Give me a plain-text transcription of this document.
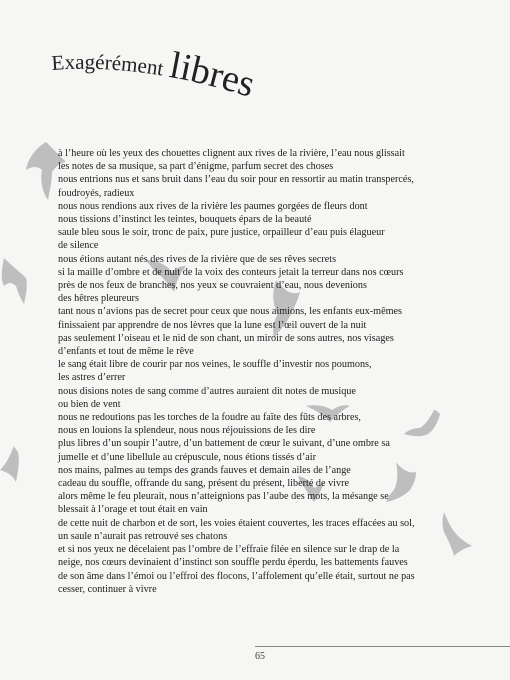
Exagérément libres
à l’heure où les yeux des chouettes clignent aux rives de la rivière, l’eau nous glissait
les notes de sa musique, sa part d’énigme, parfum secret des choses
nous entrions nus et sans bruit dans l’eau du soir pour en ressortir au matin transpercés,
foudroyés, radieux
nous nous rendions aux rives de la rivière les paumes gorgées de fleurs dont
nous tissions d’instinct les teintes, bouquets épars de la beauté
saule bleu sous le soir, tronc de paix, pure justice, orpailleur d’eau puis élagueur
de silence
nous étions autant nés des rives de la rivière que de ses rêves secrets
si la maille d’ombre et de nuit de la voix des conteurs jetait la terreur dans nos cœurs
près de nos feux de branches, nos yeux se couvraient d’eau, nous devenions
des hêtres pleureurs
tant nous n’avions pas de secret pour ceux que nous aimions, les enfants eux-mêmes
finissaient par apprendre de nos lèvres que la lune est l’œil ouvert de la nuit
pas seulement l’oiseau et le nid de son chant, un miroir de sons autres, nos visages
d’enfants et tout de même le rêve
le sang était libre de courir par nos veines, le souffle d’investir nos poumons,
les astres d’errer
nous disions notes de sang comme d’autres auraient dit notes de musique
ou bien de vent
nous ne redoutions pas les torches de la foudre au faîte des fûts des arbres,
nous en louions la splendeur, nous nous réjouissions de les dire
plus libres d’un soupir l’autre, d’un battement de cœur le suivant, d’une ombre sa
jumelle et d’une libellule au crépuscule, nous étions tissés d’air
nos mains, palmes au temps des grands fauves et demain ailes de l’ange
cadeau du souffle, offrande du sang, présent du présent, liberté de vivre
alors même le feu pleurait, nous n’atteignions pas l’aube des mots, la mésange se
blessait à l’orage et tout était en vain
de cette nuit de charbon et de sort, les voies étaient couvertes, les traces effacées au sol,
un saule n’aurait pas retrouvé ses chatons
et si nos yeux ne décelaient pas l’ombre de l’effraie filée en silence sur le drap de la
neige, nos cœurs devinaient d’instinct son souffle perdu éperdu, les battements fauves
de son âme dans l’émoi ou l’effroi des flocons, l’affolement qu’elle était, surtout ne pas
cesser, continuer à vivre
65
